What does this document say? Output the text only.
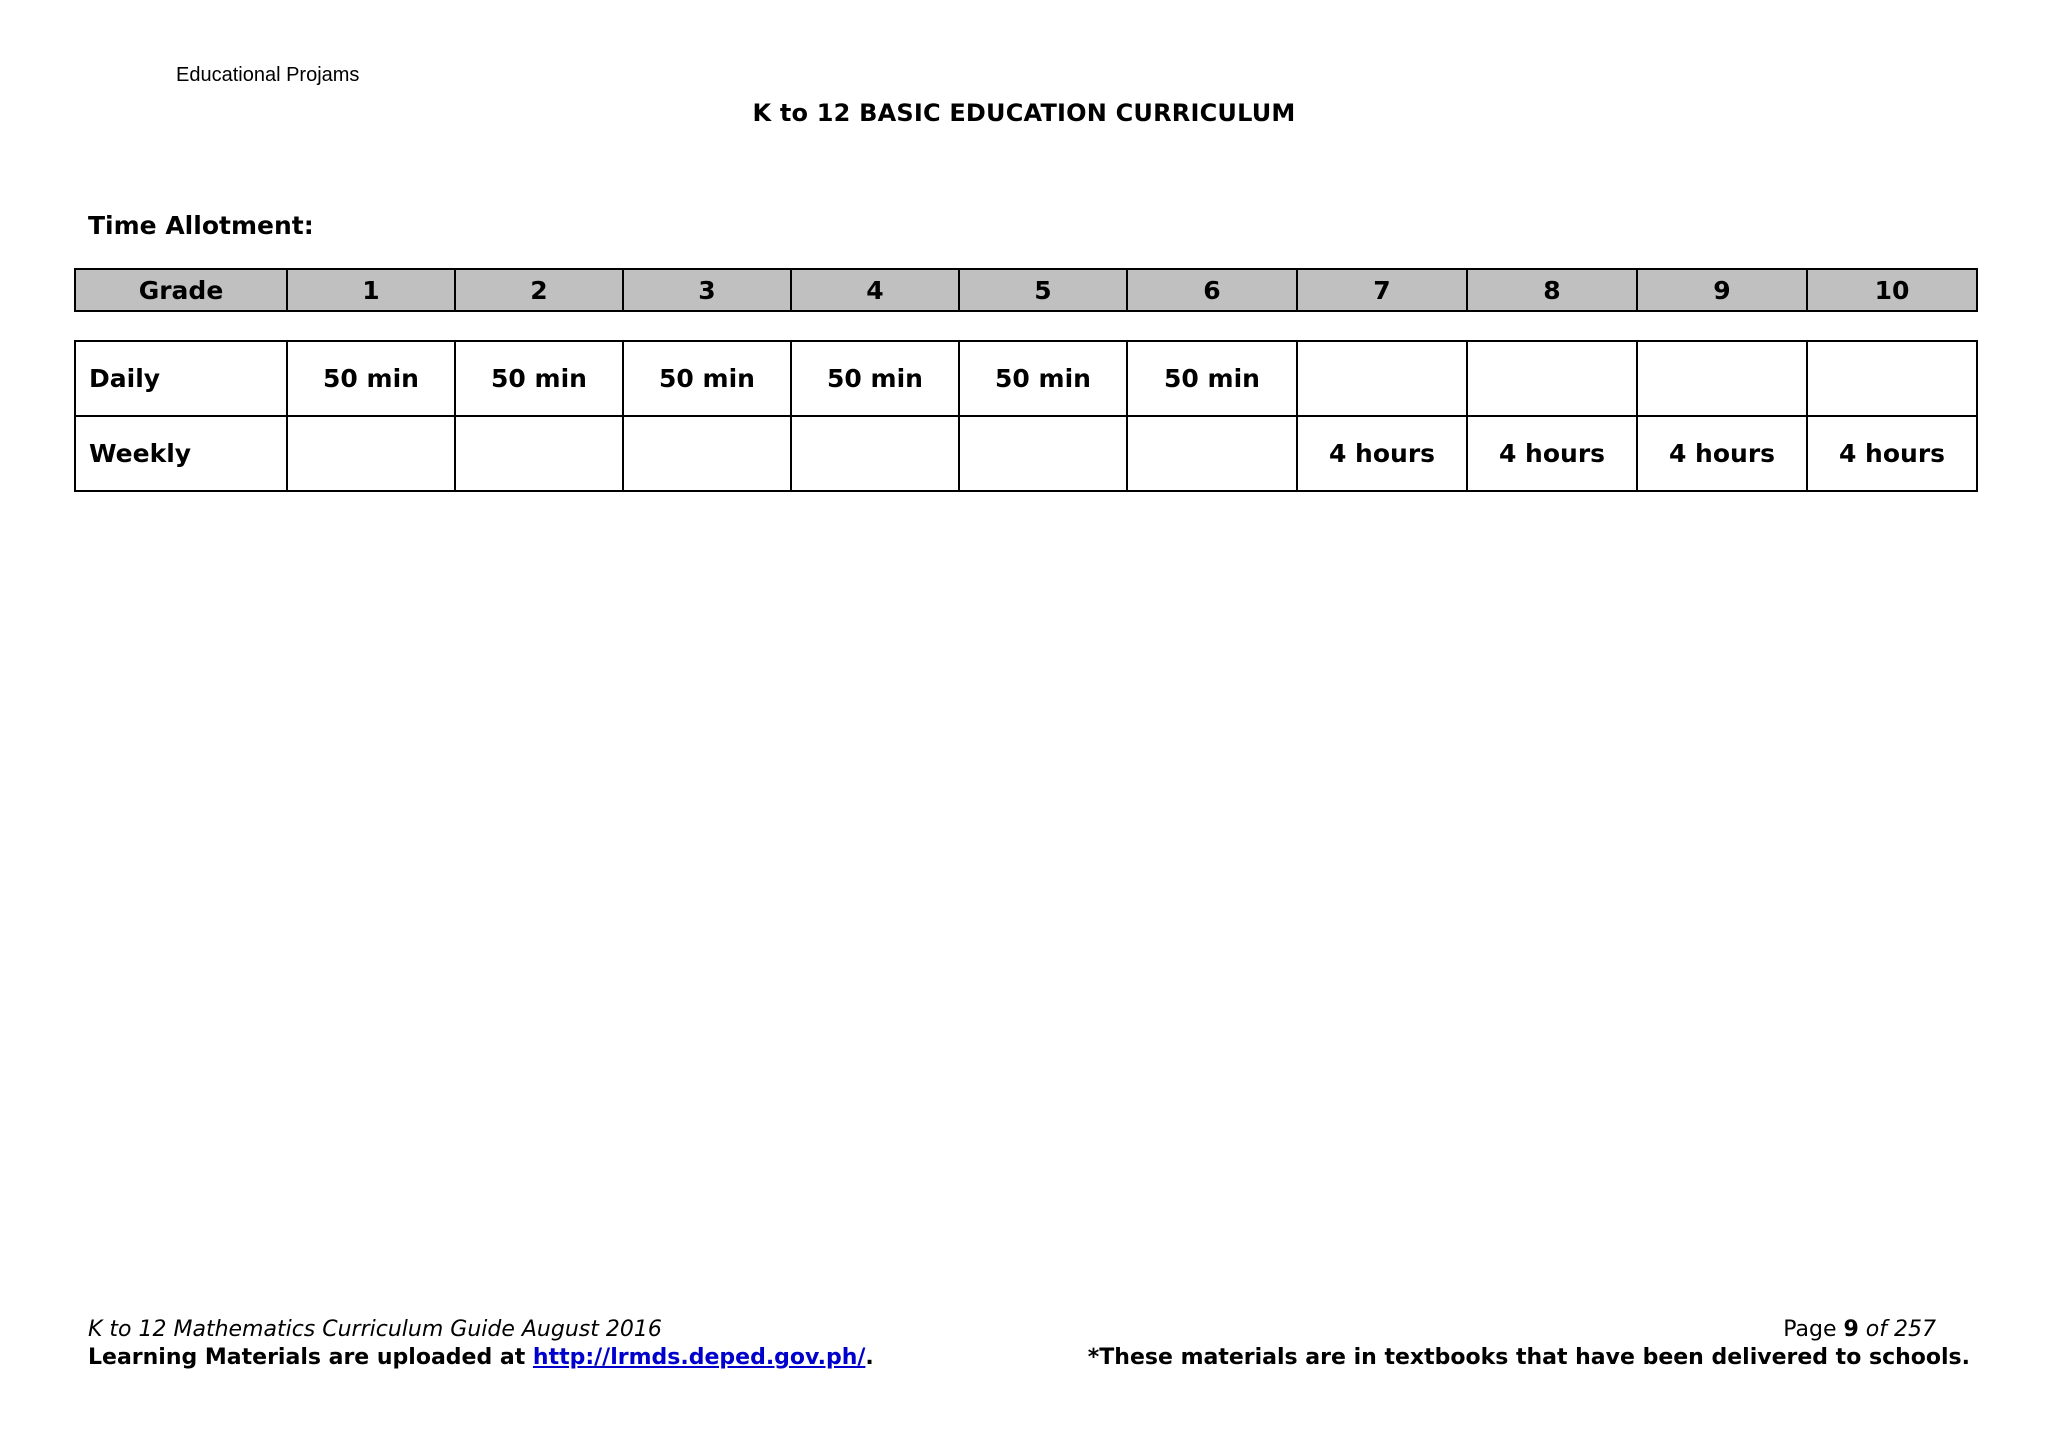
Educational Projams
K to 12 BASIC EDUCATION CURRICULUM
Time Allotment:
Grade	1	2	3	4	5	6	7	8	9	10
Daily	50 min	50 min	50 min	50 min	50 min	50 min				
Weekly							4 hours	4 hours	4 hours	4 hours
K to 12 Mathematics Curriculum Guide August 2016
Learning Materials are uploaded at http://lrmds.deped.gov.ph/.
Page 9 of 257
*These materials are in textbooks that have been delivered to schools.
